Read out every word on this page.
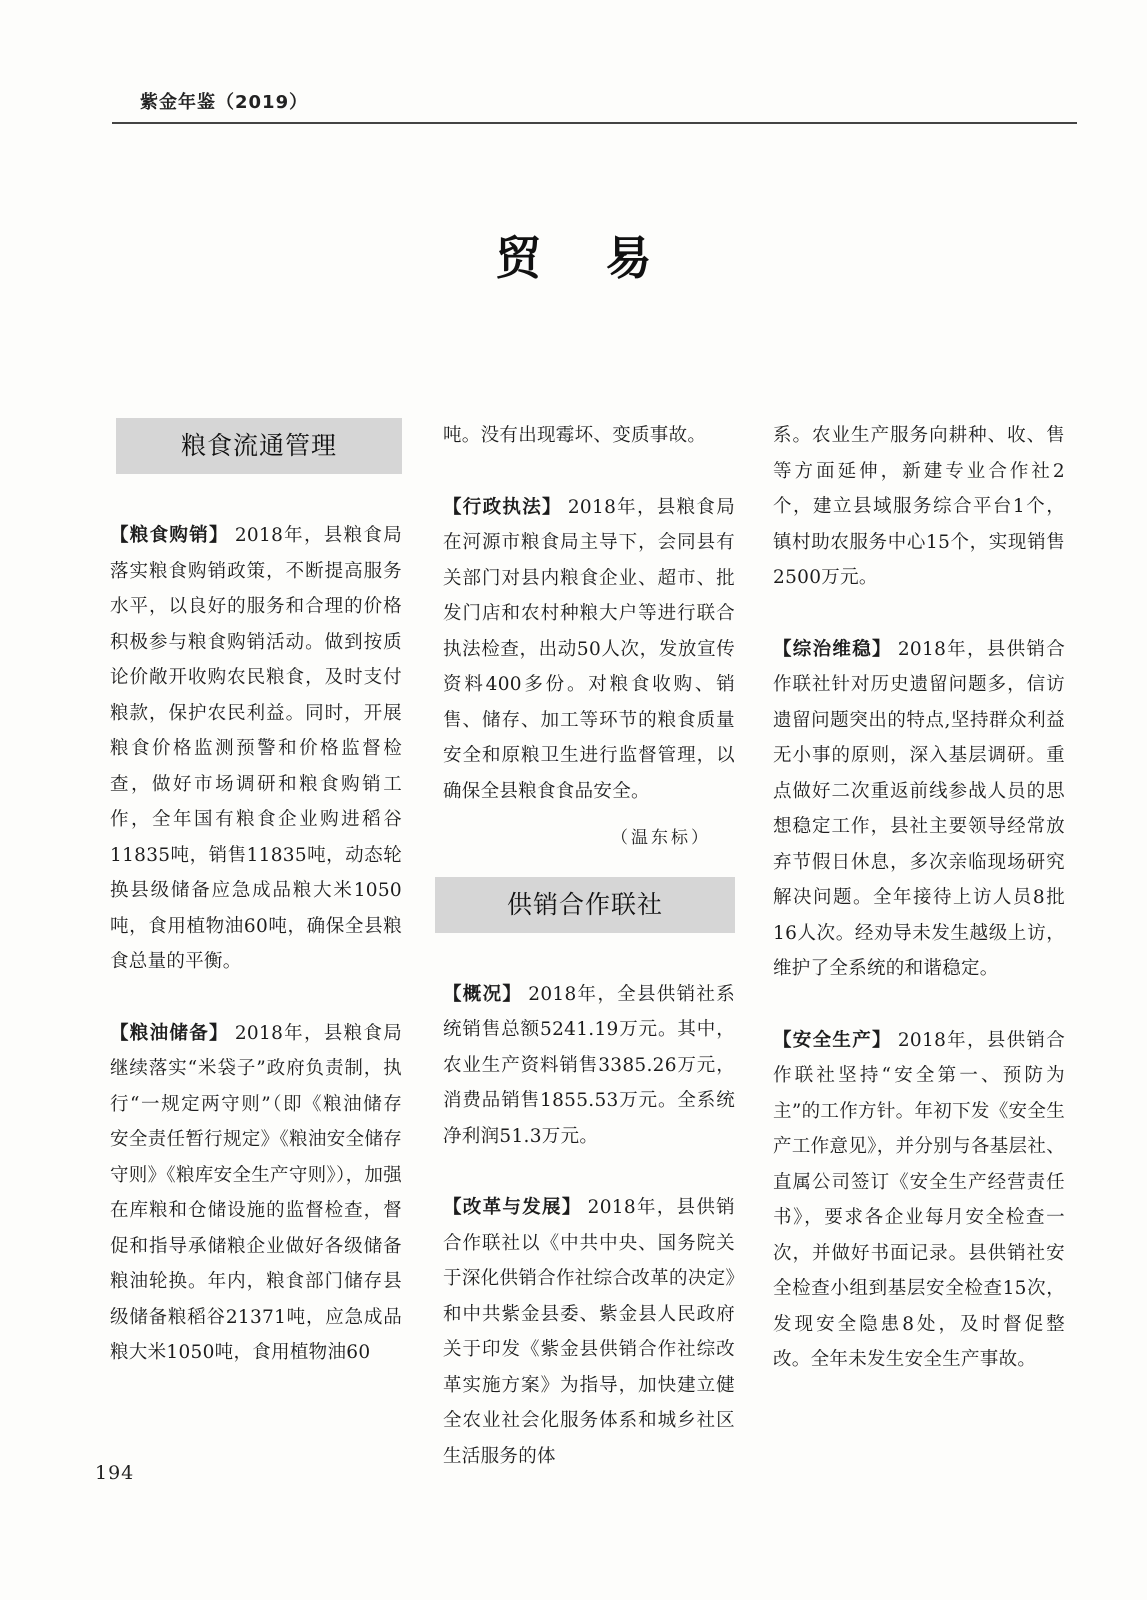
紫金年鉴（2019）
贸易
粮食流通管理

【粮食购销】 2018年，县粮食局落实粮食购销政策，不断提高服务水平，以良好的服务和合理的价格积极参与粮食购销活动。做到按质论价敞开收购农民粮食，及时支付粮款，保护农民利益。同时，开展粮食价格监测预警和价格监督检查，做好市场调研和粮食购销工作，全年国有粮食企业购进稻谷11835吨，销售11835吨，动态轮换县级储备应急成品粮大米1050吨，食用植物油60吨，确保全县粮食总量的平衡。

【粮油储备】 2018年，县粮食局继续落实“米袋子”政府负责制，执行“一规定两守则”（即《粮油储存安全责任暂行规定》《粮油安全储存守则》《粮库安全生产守则》），加强在库粮和仓储设施的监督检查，督促和指导承储粮企业做好各级储备粮油轮换。年内，粮食部门储存县级储备粮稻谷21371吨，应急成品粮大米1050吨，食用植物油60

吨。没有出现霉坏、变质事故。

【行政执法】 2018年，县粮食局在河源市粮食局主导下，会同县有关部门对县内粮食企业、超市、批发门店和农村种粮大户等进行联合执法检查，出动50人次，发放宣传资料400多份。对粮食收购、销售、储存、加工等环节的粮食质量安全和原粮卫生进行监督管理，以确保全县粮食食品安全。

（温东标）
供销合作联社

【概况】 2018年，全县供销社系统销售总额5241.19万元。其中，农业生产资料销售3385.26万元，消费品销售1855.53万元。全系统净利润51.3万元。

【改革与发展】 2018年，县供销合作联社以《中共中央、国务院关于深化供销合作社综合改革的决定》和中共紫金县委、紫金县人民政府关于印发《紫金县供销合作社综改革实施方案》为指导，加快建立健全农业社会化服务体系和城乡社区生活服务的体

系。农业生产服务向耕种、收、售等方面延伸，新建专业合作社2个，建立县域服务综合平台1个，镇村助农服务中心15个，实现销售2500万元。

【综治维稳】 2018年，县供销合作联社针对历史遗留问题多，信访遗留问题突出的特点,坚持群众利益无小事的原则，深入基层调研。重点做好二次重返前线参战人员的思想稳定工作，县社主要领导经常放弃节假日休息，多次亲临现场研究解决问题。全年接待上访人员8批16人次。经劝导未发生越级上访，维护了全系统的和谐稳定。

【安全生产】 2018年，县供销合作联社坚持“安全第一、预防为主”的工作方针。年初下发《安全生产工作意见》，并分别与各基层社、直属公司签订《安全生产经营责任书》，要求各企业每月安全检查一次，并做好书面记录。县供销社安全检查小组到基层安全检查15次，发现安全隐患8处，及时督促整改。全年未发生安全生产事故。

194
